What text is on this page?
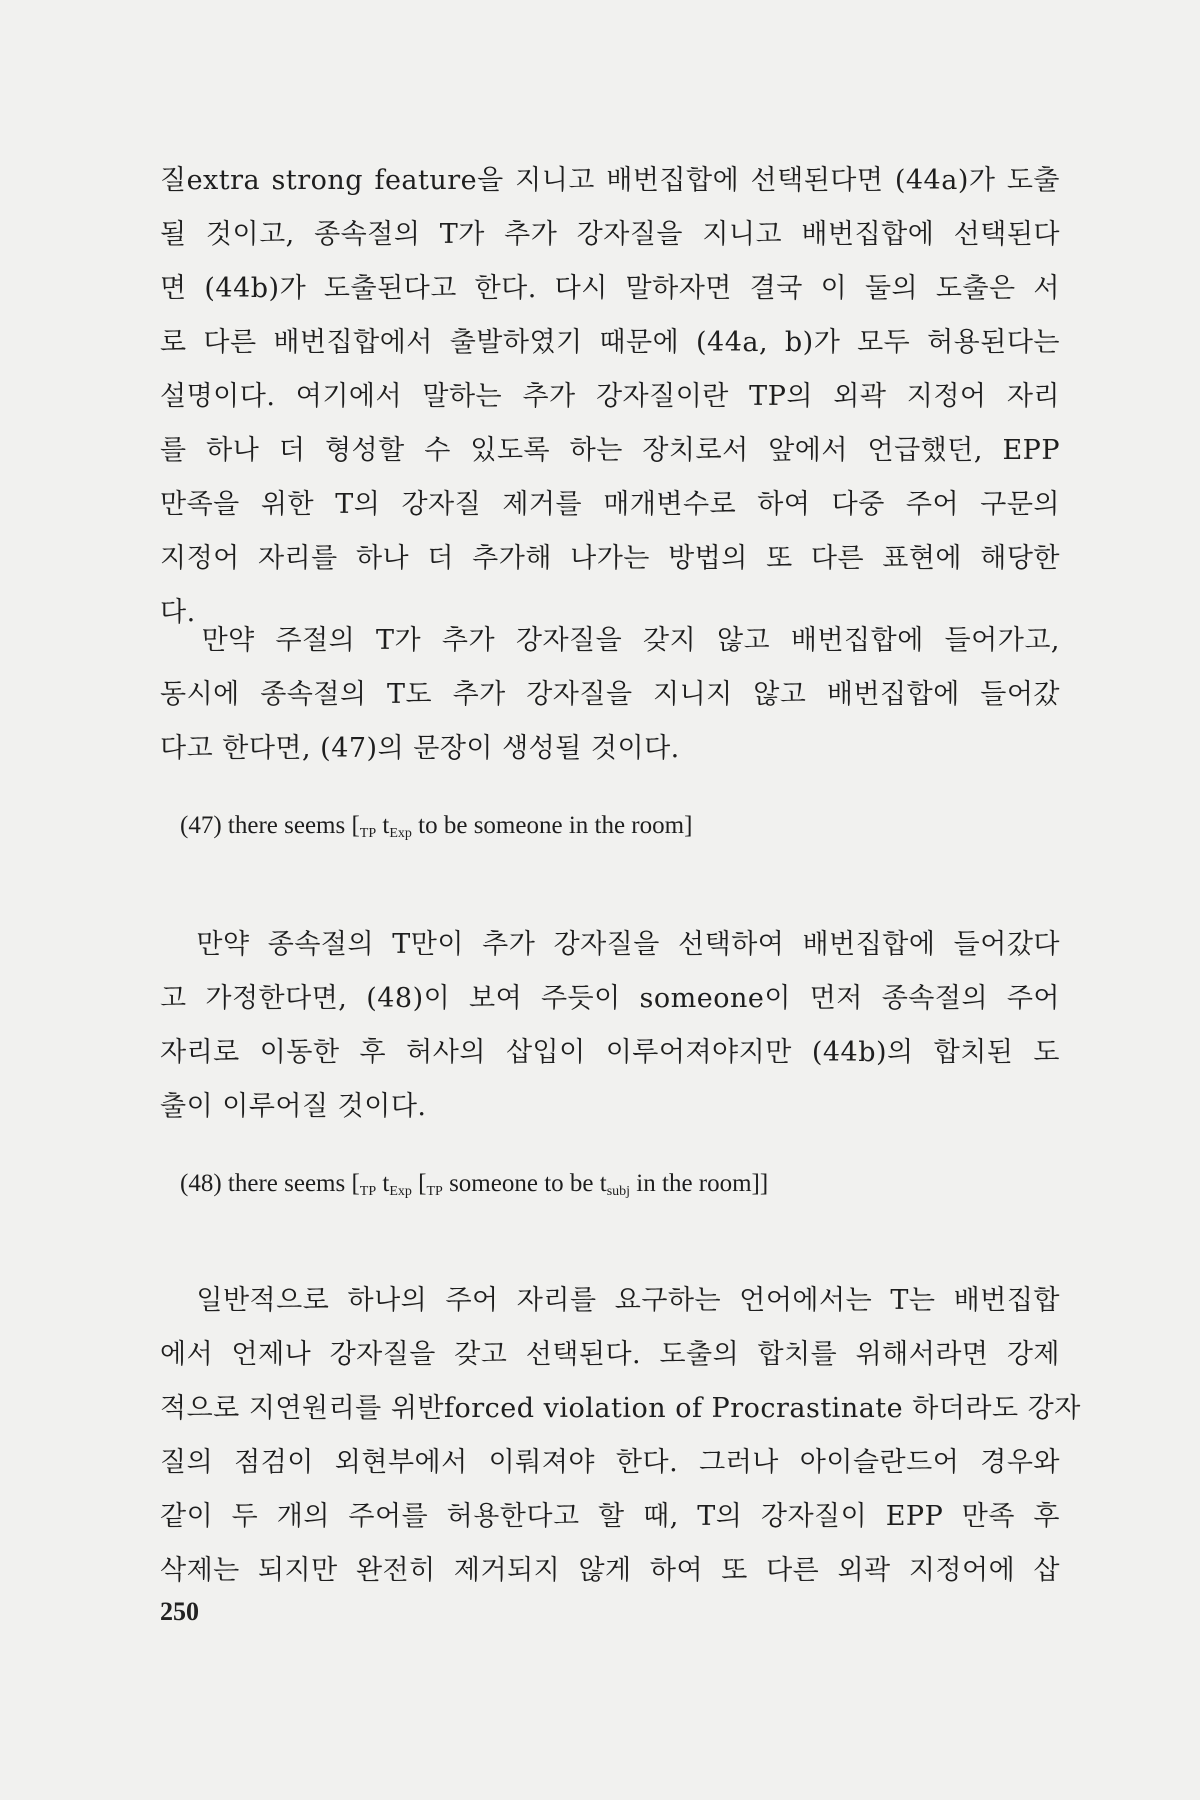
질extra strong feature을 지니고 배번집합에 선택된다면 (44a)가 도출
될 것이고, 종속절의 T가 추가 강자질을 지니고 배번집합에 선택된다
면 (44b)가 도출된다고 한다. 다시 말하자면 결국 이 둘의 도출은 서
로 다른 배번집합에서 출발하였기 때문에 (44a, b)가 모두 허용된다는
설명이다. 여기에서 말하는 추가 강자질이란 TP의 외곽 지정어 자리
를 하나 더 형성할 수 있도록 하는 장치로서 앞에서 언급했던, EPP
만족을 위한 T의 강자질 제거를 매개변수로 하여 다중 주어 구문의
지정어 자리를 하나 더 추가해 나가는 방법의 또 다른 표현에 해당한
다.
만약 주절의 T가 추가 강자질을 갖지 않고 배번집합에 들어가고,
동시에 종속절의 T도 추가 강자질을 지니지 않고 배번집합에 들어갔
다고 한다면, (47)의 문장이 생성될 것이다.
(47) there seems [$_{TP}$ $t_{Exp}$ to be someone in the room]
만약 종속절의 T만이 추가 강자질을 선택하여 배번집합에 들어갔다
고 가정한다면, (48)이 보여 주듯이 someone이 먼저 종속절의 주어
자리로 이동한 후 허사의 삽입이 이루어져야지만 (44b)의 합치된 도
출이 이루어질 것이다.
(48) there seems [$_{TP}$ $t_{Exp}$ [$_{TP}$ someone to be $t_{subj}$ in the room]]
일반적으로 하나의 주어 자리를 요구하는 언어에서는 T는 배번집합
에서 언제나 강자질을 갖고 선택된다. 도출의 합치를 위해서라면 강제
적으로 지연원리를 위반forced violation of Procrastinate 하더라도 강자
질의 점검이 외현부에서 이뤄져야 한다. 그러나 아이슬란드어 경우와
같이 두 개의 주어를 허용한다고 할 때, T의 강자질이 EPP 만족 후
삭제는 되지만 완전히 제거되지 않게 하여 또 다른 외곽 지정어에 삽
250
